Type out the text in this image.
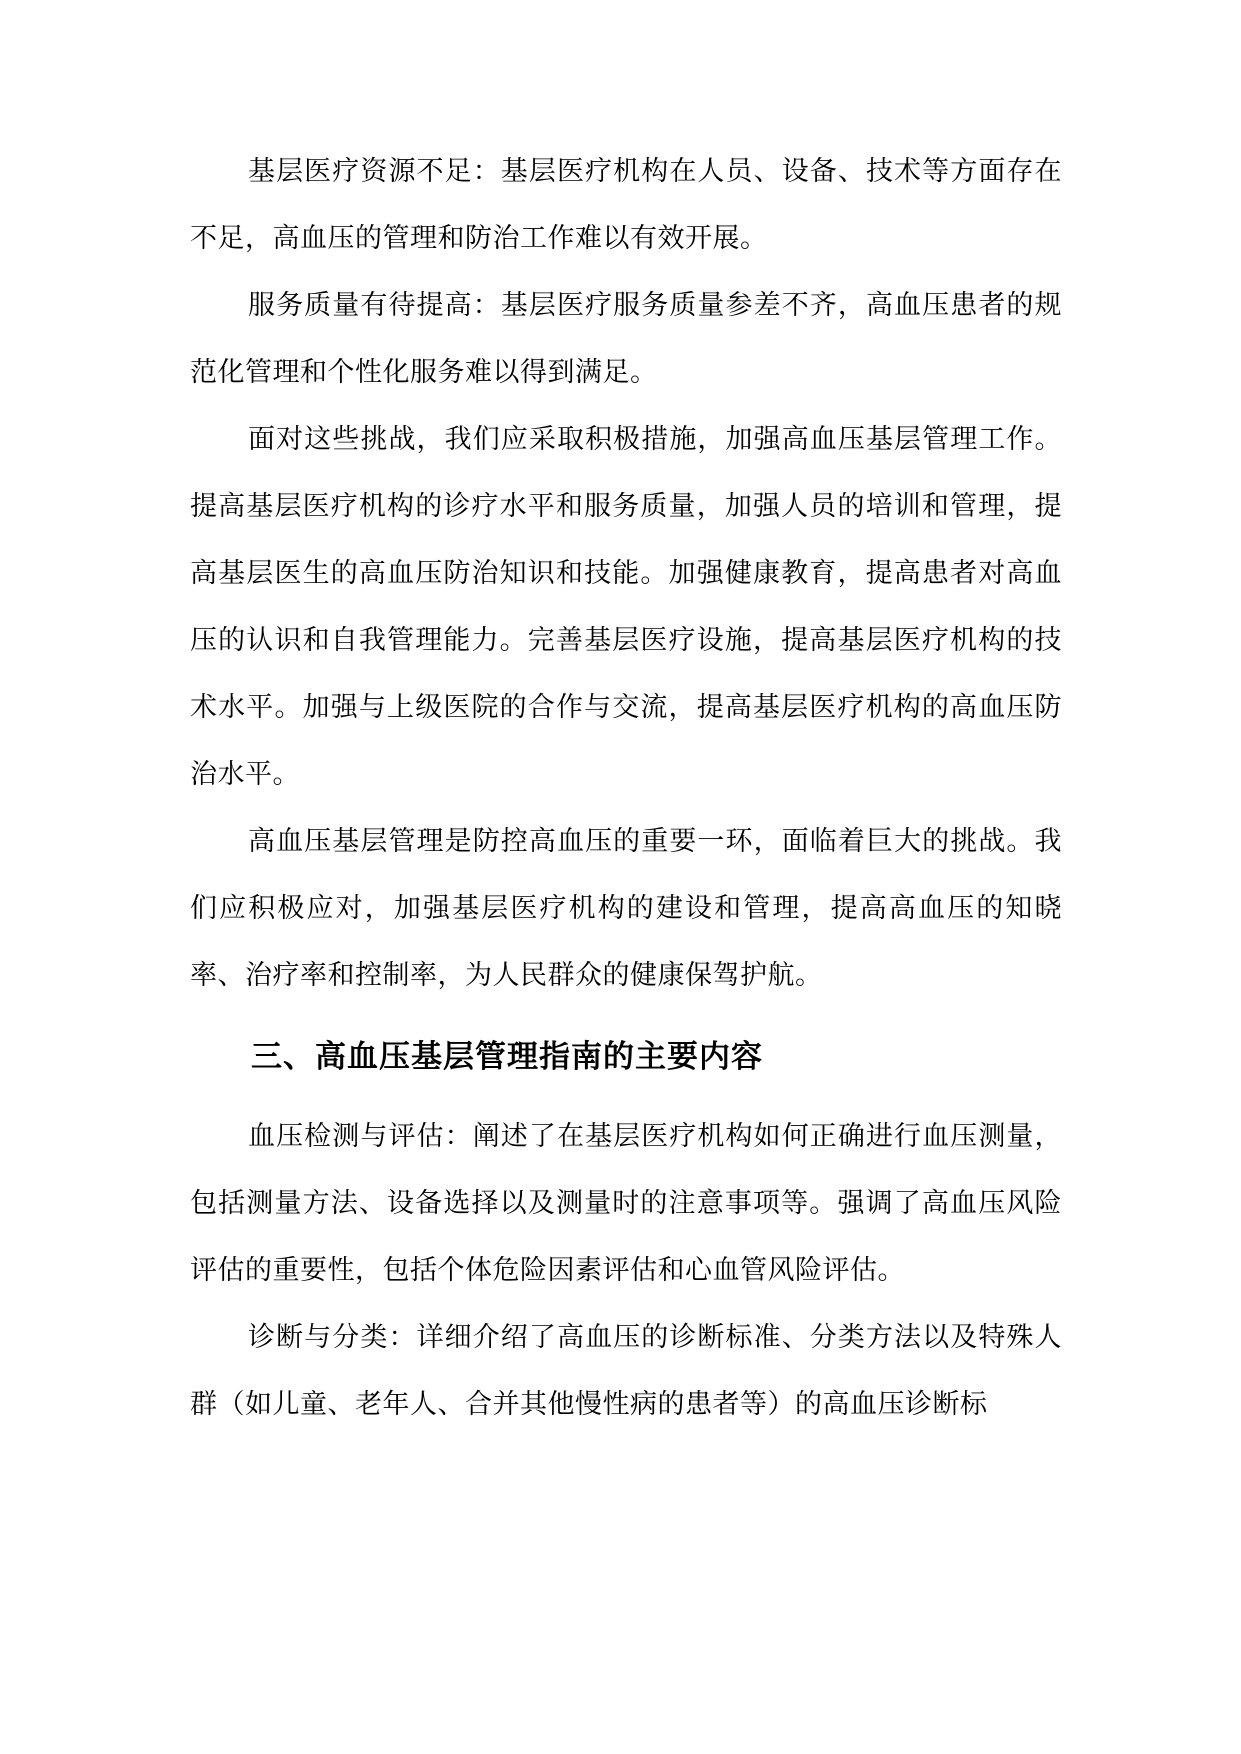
基层医疗资源不足：基层医疗机构在人员、设备、技术等方面存在不足，高血压的管理和防治工作难以有效开展。

服务质量有待提高：基层医疗服务质量参差不齐，高血压患者的规范化管理和个性化服务难以得到满足。

面对这些挑战，我们应采取积极措施，加强高血压基层管理工作。提高基层医疗机构的诊疗水平和服务质量，加强人员的培训和管理，提高基层医生的高血压防治知识和技能。加强健康教育，提高患者对高血压的认识和自我管理能力。完善基层医疗设施，提高基层医疗机构的技术水平。加强与上级医院的合作与交流，提高基层医疗机构的高血压防治水平。

高血压基层管理是防控高血压的重要一环，面临着巨大的挑战。我们应积极应对，加强基层医疗机构的建设和管理，提高高血压的知晓率、治疗率和控制率，为人民群众的健康保驾护航。

三、高血压基层管理指南的主要内容

血压检测与评估：阐述了在基层医疗机构如何正确进行血压测量，包括测量方法、设备选择以及测量时的注意事项等。强调了高血压风险评估的重要性，包括个体危险因素评估和心血管风险评估。

诊断与分类：详细介绍了高血压的诊断标准、分类方法以及特殊人群（如儿童、老年人、合并其他慢性病的患者等）的高血压诊断标
